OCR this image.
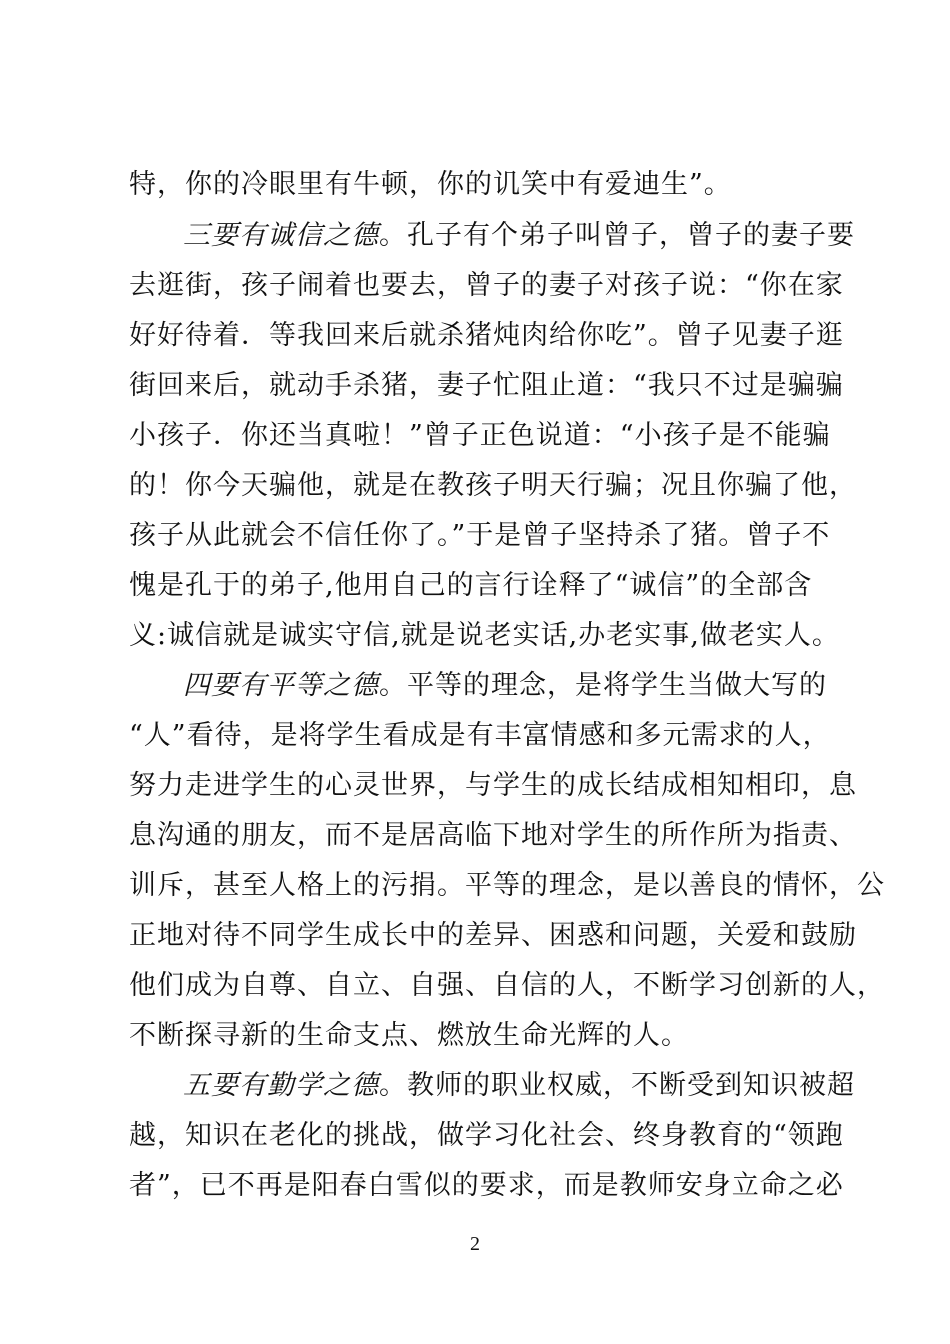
特，你的冷眼里有牛顿，你的讥笑中有爱迪生”。
三要有诚信之德。孔子有个弟子叫曾子，曾子的妻子要
去逛街，孩子闹着也要去，曾子的妻子对孩子说：“你在家
好好待着．等我回来后就杀猪炖肉给你吃”。曾子见妻子逛
街回来后，就动手杀猪，妻子忙阻止道：“我只不过是骗骗
小孩子．你还当真啦！”曾子正色说道：“小孩子是不能骗
的！你今天骗他，就是在教孩子明天行骗；况且你骗了他，
孩子从此就会不信任你了。”于是曾子坚持杀了猪。曾子不
愧是孔于的弟子,他用自己的言行诠释了“诚信”的全部含
义:诚信就是诚实守信,就是说老实话,办老实事,做老实人。
四要有平等之德。平等的理念，是将学生当做大写的
“人”看待，是将学生看成是有丰富情感和多元需求的人，
努力走进学生的心灵世界，与学生的成长结成相知相印，息
息沟通的朋友，而不是居高临下地对学生的所作所为指责、
训斥，甚至人格上的污捐。平等的理念，是以善良的情怀，公
正地对待不同学生成长中的差异、困惑和问题，关爱和鼓励
他们成为自尊、自立、自强、自信的人，不断学习创新的人，
不断探寻新的生命支点、燃放生命光辉的人。
五要有勤学之德。教师的职业权威，不断受到知识被超
越，知识在老化的挑战，做学习化社会、终身教育的“领跑
者”，已不再是阳春白雪似的要求，而是教师安身立命之必
2
